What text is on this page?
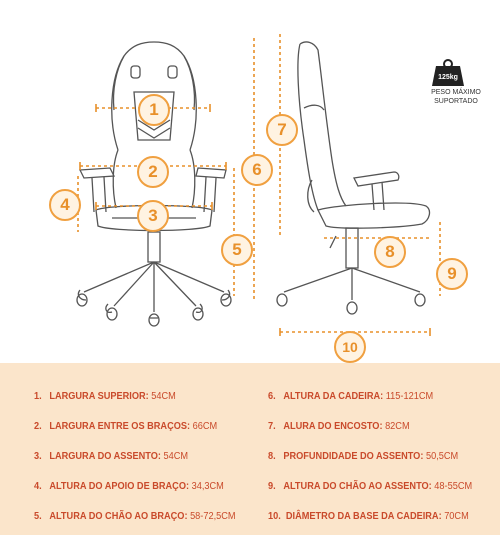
1
2
3
4
5
6
7
8
9
10
125kg
PESO MÁXIMO
SUPORTADO
1. LARGURA SUPERIOR: 54CM
2. LARGURA ENTRE OS BRAÇOS: 66CM
3. LARGURA DO ASSENTO: 54CM
4. ALTURA DO APOIO DE BRAÇO: 34,3CM
5. ALTURA DO CHÃO AO BRAÇO: 58-72,5CM
6. ALTURA DA CADEIRA: 115-121CM
7. ALURA DO ENCOSTO: 82CM
8. PROFUNDIDADE DO ASSENTO: 50,5CM
9. ALTURA DO CHÃO AO ASSENTO: 48-55CM
10. DIÂMETRO DA BASE DA CADEIRA: 70CM
